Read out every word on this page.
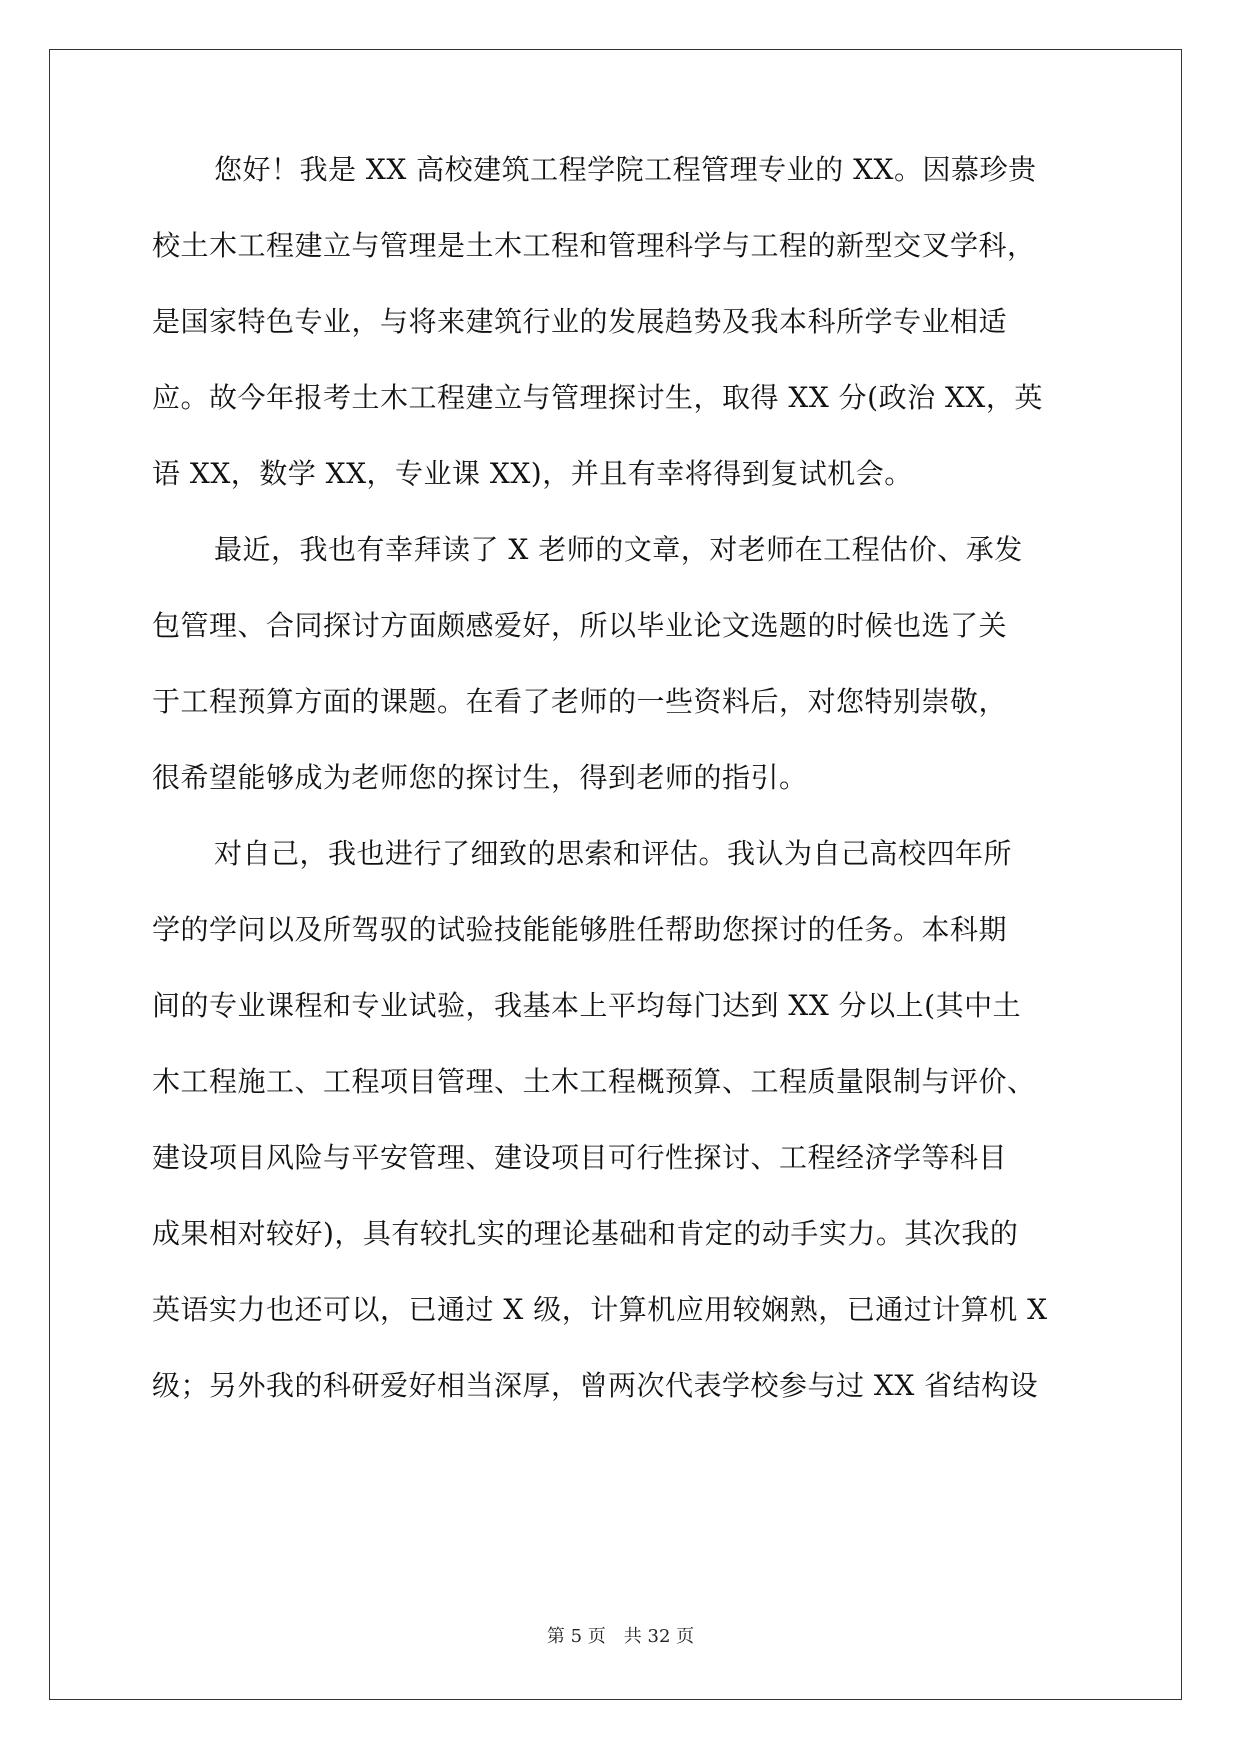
您好！我是 XX 高校建筑工程学院工程管理专业的 XX。因慕珍贵
校土木工程建立与管理是土木工程和管理科学与工程的新型交叉学科，
是国家特色专业，与将来建筑行业的发展趋势及我本科所学专业相适
应。故今年报考土木工程建立与管理探讨生，取得 XX 分(政治 XX，英
语 XX，数学 XX，专业课 XX)，并且有幸将得到复试机会。
最近，我也有幸拜读了 X 老师的文章，对老师在工程估价、承发
包管理、合同探讨方面颇感爱好，所以毕业论文选题的时候也选了关
于工程预算方面的课题。在看了老师的一些资料后，对您特别崇敬，
很希望能够成为老师您的探讨生，得到老师的指引。
对自己，我也进行了细致的思索和评估。我认为自己高校四年所
学的学问以及所驾驭的试验技能能够胜任帮助您探讨的任务。本科期
间的专业课程和专业试验，我基本上平均每门达到 XX 分以上(其中土
木工程施工、工程项目管理、土木工程概预算、工程质量限制与评价、
建设项目风险与平安管理、建设项目可行性探讨、工程经济学等科目
成果相对较好)，具有较扎实的理论基础和肯定的动手实力。其次我的
英语实力也还可以，已通过 X 级，计算机应用较娴熟，已通过计算机 X
级；另外我的科研爱好相当深厚，曾两次代表学校参与过 XX 省结构设
第 5 页　共 32 页
